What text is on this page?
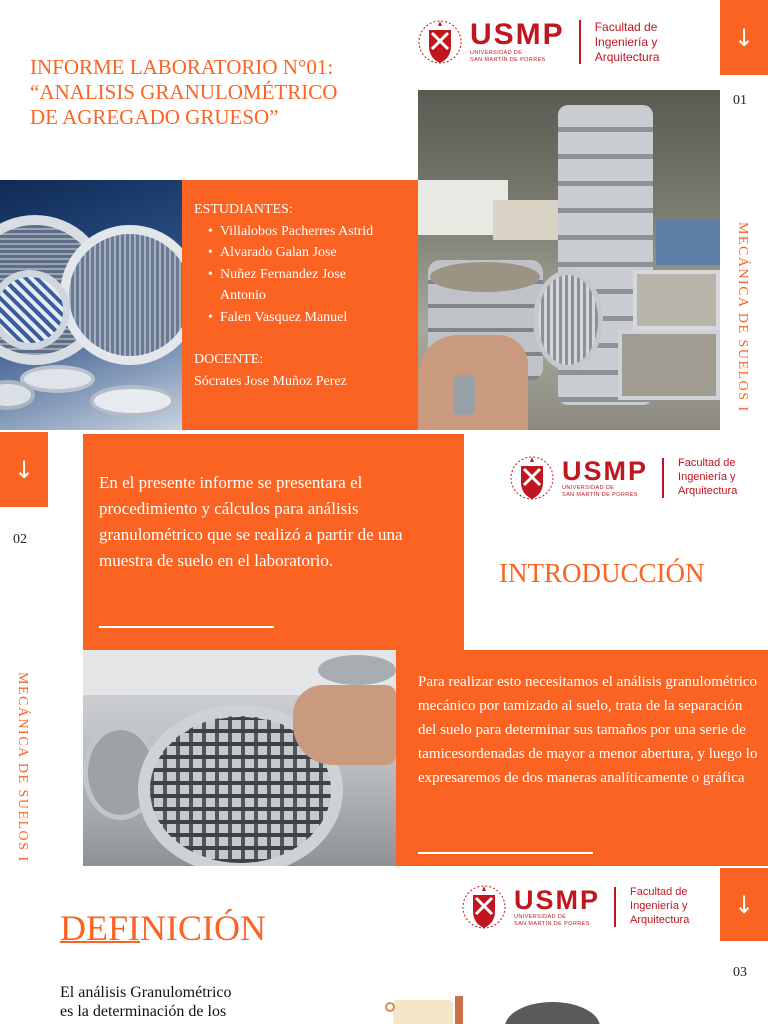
INFORME LABORATORIO N°01:
“ANALISIS GRANULOMÉTRICO
DE AGREGADO GRUESO”
USMP
UNIVERSIDAD DE
SAN MARTÍN DE PORRES
Facultad de
Ingeniería y
Arquitectura
↓
01
MECÁNICA DE SUELOS I
ESTUDIANTES:
• Villalobos Pacherres Astrid
• Alvarado Galan Jose
• Nuñez Fernandez Jose Antonio
• Falen Vasquez Manuel
DOCENTE:
Sócrates Jose Muñoz Perez
↓
02
MECÁNICA DE SUELOS I
En el presente informe se presentara el procedimiento y cálculos para análisis granulométrico que se realizó a partir de una muestra de suelo en el laboratorio.
USMP
UNIVERSIDAD DE
SAN MARTÍN DE PORRES
Facultad de
Ingeniería y
Arquitectura
INTRODUCCIÓN
Para realizar esto necesitamos el análisis granulométrico mecánico por tamizado al suelo, trata de la separación del suelo para determinar sus tamaños por una serie de tamicesordenadas de mayor a menor abertura, y luego lo expresaremos de dos maneras analíticamente o gráfica
DEFINICIÓN
USMP
UNIVERSIDAD DE
SAN MARTÍN DE PORRES
Facultad de
Ingeniería y
Arquitectura
↓
03
El análisis Granulométrico
es la determinación de los
